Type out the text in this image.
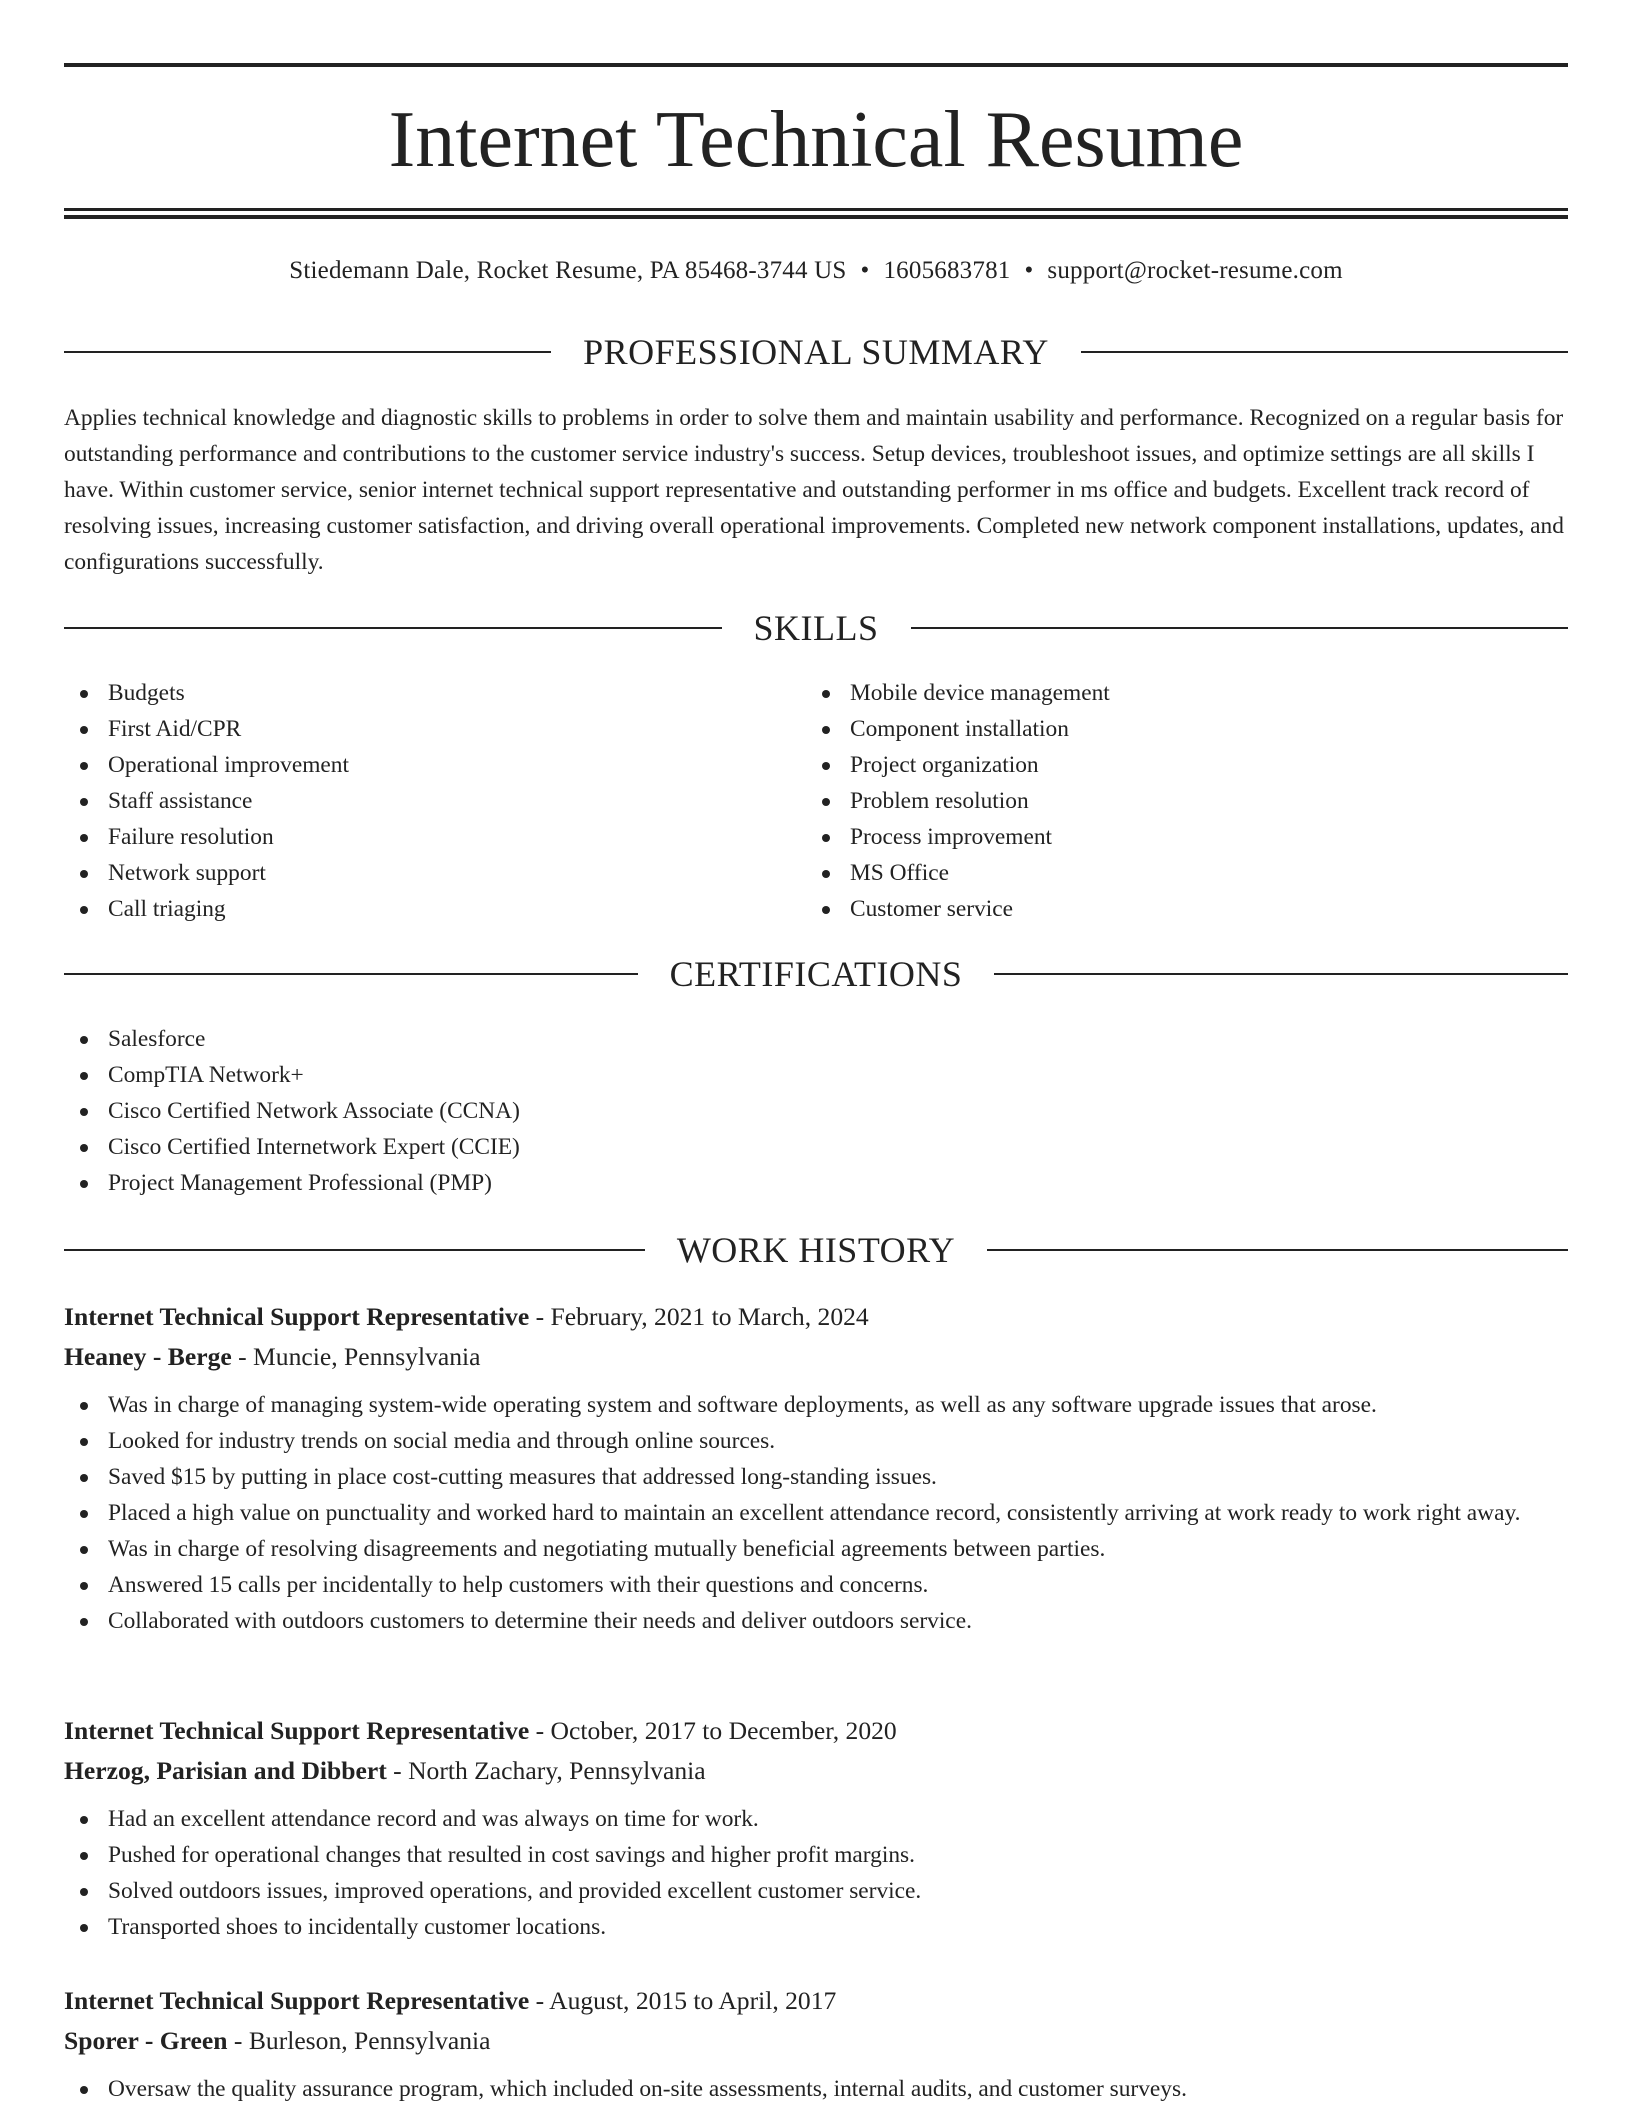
Internet Technical Resume
Stiedemann Dale, Rocket Resume, PA 85468-3744 US • 1605683781 • support@rocket-resume.com
PROFESSIONAL SUMMARY

Applies technical knowledge and diagnostic skills to problems in order to solve them and maintain usability and performance. Recognized on a regular basis for outstanding performance and contributions to the customer service industry's success. Setup devices, troubleshoot issues, and optimize settings are all skills I have. Within customer service, senior internet technical support representative and outstanding performer in ms office and budgets. Excellent track record of resolving issues, increasing customer satisfaction, and driving overall operational improvements. Completed new network component installations, updates, and configurations successfully.

SKILLS
Budgets
First Aid/CPR
Operational improvement
Staff assistance
Failure resolution
Network support
Call triaging
Mobile device management
Component installation
Project organization
Problem resolution
Process improvement
MS Office
Customer service
CERTIFICATIONS
Salesforce
CompTIA Network+
Cisco Certified Network Associate (CCNA)
Cisco Certified Internetwork Expert (CCIE)
Project Management Professional (PMP)
WORK HISTORY
Internet Technical Support Representative - February, 2021 to March, 2024
Heaney - Berge - Muncie, Pennsylvania
Was in charge of managing system-wide operating system and software deployments, as well as any software upgrade issues that arose.
Looked for industry trends on social media and through online sources.
Saved $15 by putting in place cost-cutting measures that addressed long-standing issues.
Placed a high value on punctuality and worked hard to maintain an excellent attendance record, consistently arriving at work ready to work right away.
Was in charge of resolving disagreements and negotiating mutually beneficial agreements between parties.
Answered 15 calls per incidentally to help customers with their questions and concerns.
Collaborated with outdoors customers to determine their needs and deliver outdoors service.
Internet Technical Support Representative - October, 2017 to December, 2020
Herzog, Parisian and Dibbert - North Zachary, Pennsylvania
Had an excellent attendance record and was always on time for work.
Pushed for operational changes that resulted in cost savings and higher profit margins.
Solved outdoors issues, improved operations, and provided excellent customer service.
Transported shoes to incidentally customer locations.
Internet Technical Support Representative - August, 2015 to April, 2017
Sporer - Green - Burleson, Pennsylvania
Oversaw the quality assurance program, which included on-site assessments, internal audits, and customer surveys.
